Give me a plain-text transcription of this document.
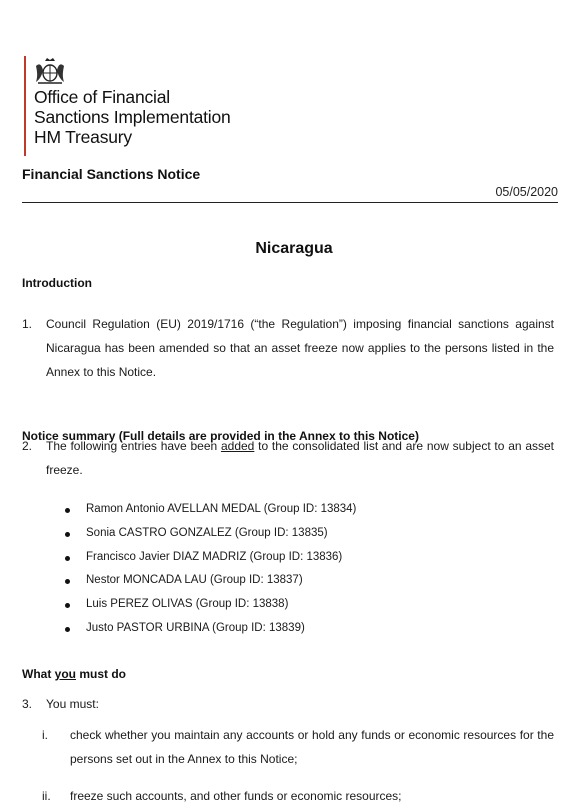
Office of Financial
Sanctions Implementation
HM Treasury
Financial Sanctions Notice
05/05/2020
Nicaragua
Introduction
1.	Council Regulation (EU) 2019/1716 (“the Regulation”) imposing financial sanctions against Nicaragua has been amended so that an asset freeze now applies to the persons listed in the Annex to this Notice.
Notice summary (Full details are provided in the Annex to this Notice)
2.	The following entries have been added to the consolidated list and are now subject to an asset freeze.
Ramon Antonio AVELLAN MEDAL (Group ID: 13834)
Sonia CASTRO GONZALEZ (Group ID: 13835)
Francisco Javier DIAZ MADRIZ (Group ID: 13836)
Nestor MONCADA LAU (Group ID: 13837)
Luis PEREZ OLIVAS (Group ID: 13838)
Justo PASTOR URBINA (Group ID: 13839)
What you must do
3.	You must:
i.	check whether you maintain any accounts or hold any funds or economic resources for the persons set out in the Annex to this Notice;
ii.	freeze such accounts, and other funds or economic resources;
